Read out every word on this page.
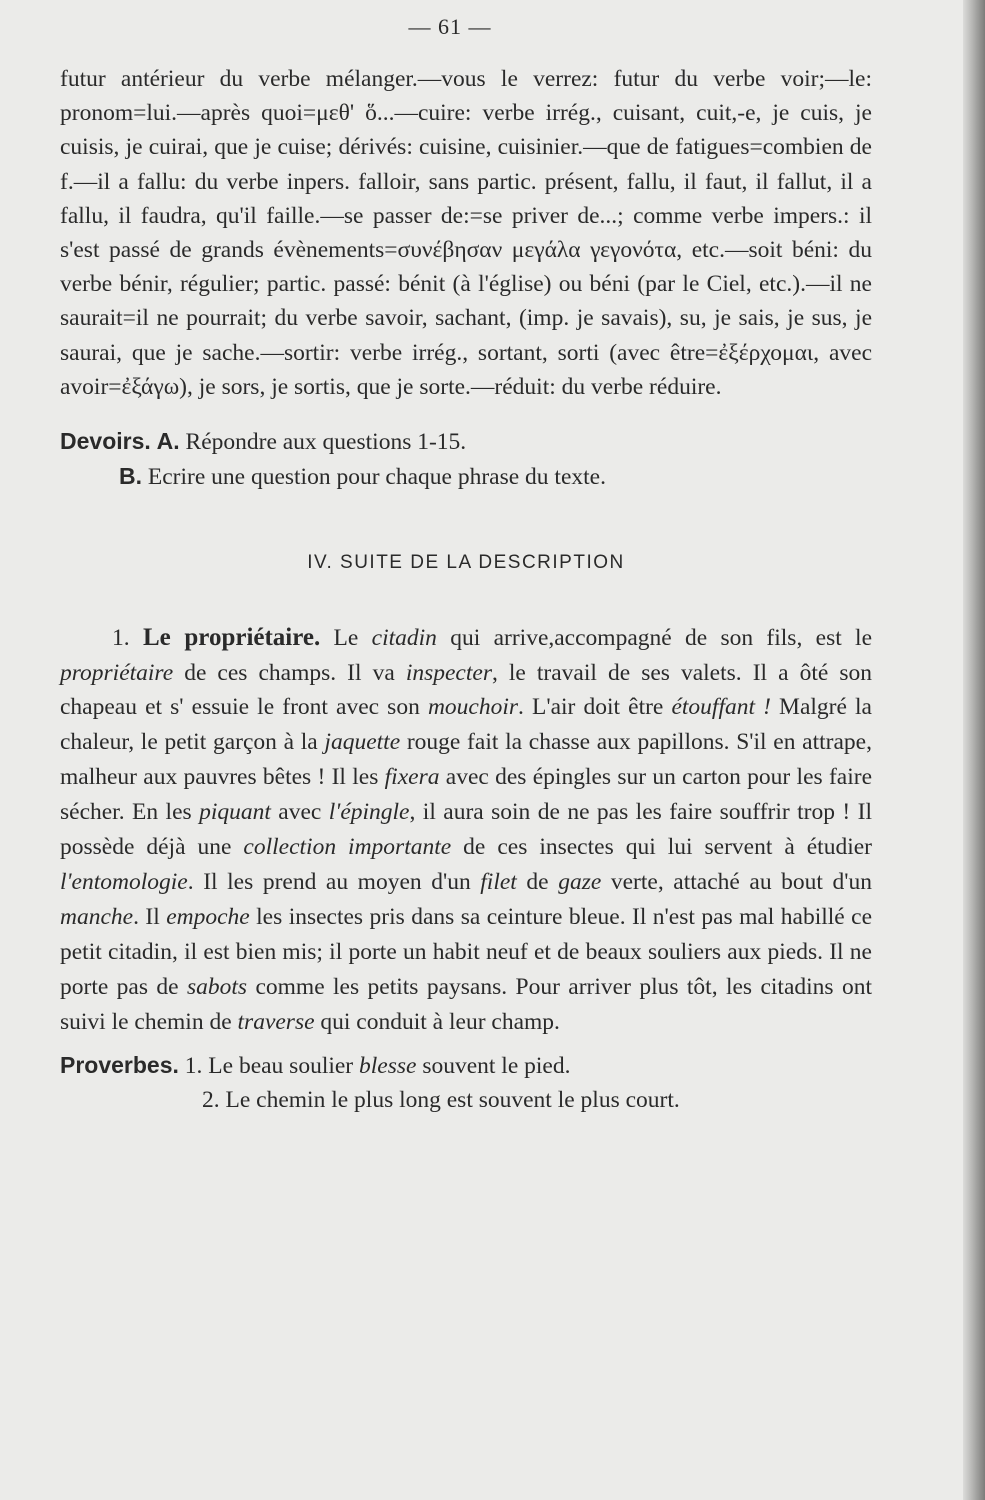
— 61 —

futur antérieur du verbe mélanger.—vous le verrez: futur du verbe voir;—le: pronom=lui.—après quoi=μεθ' ὅ...—cuire: verbe irrég., cuisant, cuit,-e, je cuis, je cuisis, je cuirai, que je cuise; dérivés: cuisine, cuisinier.—que de fatigues=combien de f.—il a fallu: du verbe inpers. falloir, sans partic. présent, fallu, il faut, il fallut, il a fallu, il faudra, qu'il faille.—se passer de:=se priver de...; comme verbe impers.: il s'est passé de grands évènements=συνέβησαν μεγάλα γεγονότα, etc.—soit béni: du verbe bénir, régulier; partic. passé: bénit (à l'église) ou béni (par le Ciel, etc.).—il ne saurait=il ne pourrait; du verbe savoir, sachant, (imp. je savais), su, je sais, je sus, je saurai, que je sache.—sortir: verbe irrég., sortant, sorti (avec être=ἐξέρχομαι, avec avoir=ἐξάγω), je sors, je sortis, que je sorte.—réduit: du verbe réduire.

Devoirs. A. Répondre aux questions 1-15.
B. Ecrire une question pour chaque phrase du texte.
IV. SUITE DE LA DESCRIPTION

1. Le propriétaire. Le citadin qui arrive,accompagné de son fils, est le propriétaire de ces champs. Il va inspecter, le travail de ses valets. Il a ôté son chapeau et s' essuie le front avec son mouchoir. L'air doit être étouffant ! Malgré la chaleur, le petit garçon à la jaquette rouge fait la chasse aux papillons. S'il en attrape, malheur aux pauvres bêtes ! Il les fixera avec des épingles sur un carton pour les faire sécher. En les piquant avec l'épingle, il aura soin de ne pas les faire souffrir trop ! Il possède déjà une collection importante de ces insectes qui lui servent à étudier l'entomologie. Il les prend au moyen d'un filet de gaze verte, attaché au bout d'un manche. Il empoche les insectes pris dans sa ceinture bleue. Il n'est pas mal habillé ce petit citadin, il est bien mis; il porte un habit neuf et de beaux souliers aux pieds. Il ne porte pas de sabots comme les petits paysans. Pour arriver plus tôt, les citadins ont suivi le chemin de traverse qui conduit à leur champ.

Proverbes. 1. Le beau soulier blesse souvent le pied.
2. Le chemin le plus long est souvent le plus court.
